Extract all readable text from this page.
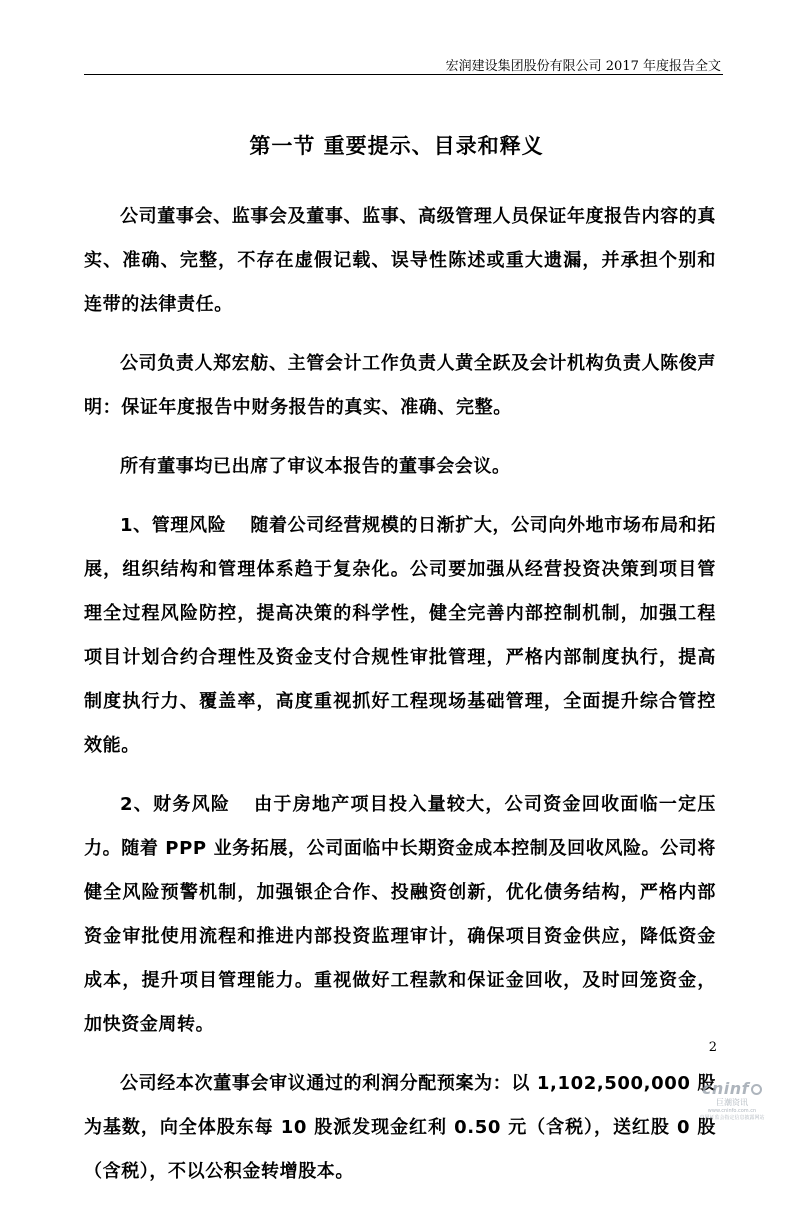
宏润建设集团股份有限公司 2017 年度报告全文
第一节 重要提示、目录和释义

公司董事会、监事会及董事、监事、高级管理人员保证年度报告内容的真实、准确、完整，不存在虚假记载、误导性陈述或重大遗漏，并承担个别和连带的法律责任。

公司负责人郑宏舫、主管会计工作负责人黄全跃及会计机构负责人陈俊声明：保证年度报告中财务报告的真实、准确、完整。

所有董事均已出席了审议本报告的董事会会议。

1、管理风险 随着公司经营规模的日渐扩大，公司向外地市场布局和拓展，组织结构和管理体系趋于复杂化。公司要加强从经营投资决策到项目管理全过程风险防控，提高决策的科学性，健全完善内部控制机制，加强工程项目计划合约合理性及资金支付合规性审批管理，严格内部制度执行，提高制度执行力、覆盖率，高度重视抓好工程现场基础管理，全面提升综合管控效能。

2、财务风险 由于房地产项目投入量较大，公司资金回收面临一定压力。随着 PPP 业务拓展，公司面临中长期资金成本控制及回收风险。公司将健全风险预警机制，加强银企合作、投融资创新，优化债务结构，严格内部资金审批使用流程和推进内部投资监理审计，确保项目资金供应，降低资金成本，提升项目管理能力。重视做好工程款和保证金回收，及时回笼资金，加快资金周转。

公司经本次董事会审议通过的利润分配预案为：以 1,102,500,000 股为基数，向全体股东每 10 股派发现金红利 0.50 元（含税），送红股 0 股（含税），不以公积金转增股本。

2
cninf
巨潮资讯
www.cninfo.com.cn
中国证监会指定信息披露网站
